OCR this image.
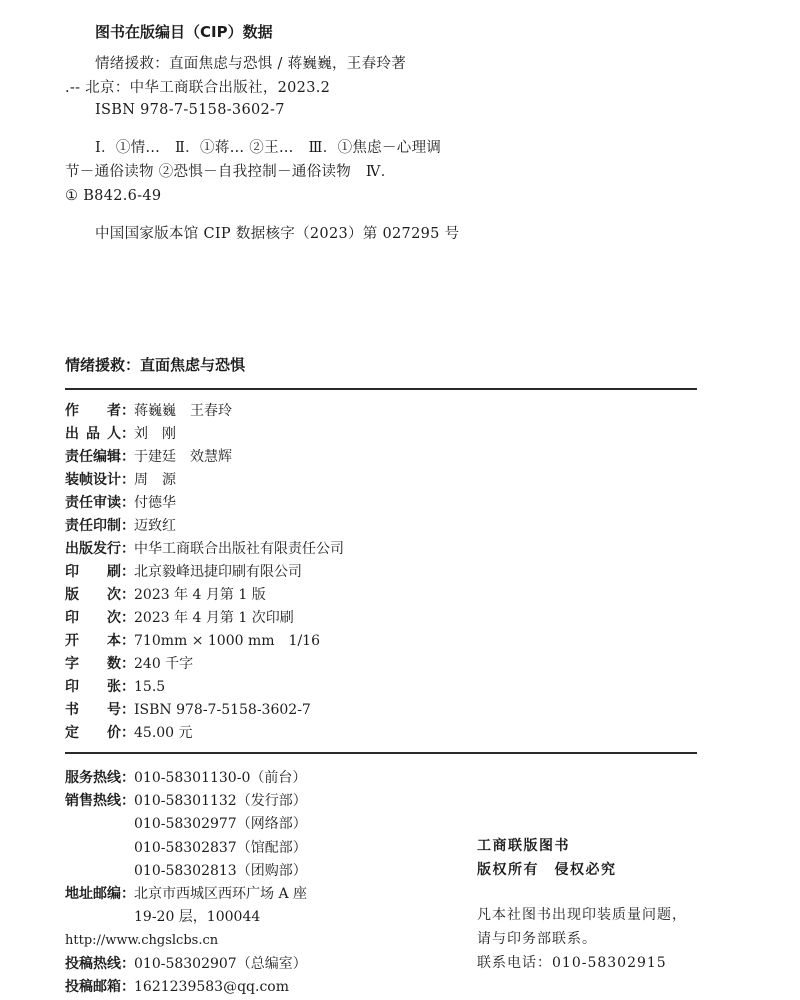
图书在版编目（CIP）数据
情绪援救：直面焦虑与恐惧 / 蒋巍巍，王春玲著
.-- 北京：中华工商联合出版社，2023.2
ISBN 978-7-5158-3602-7
Ⅰ．①情…　Ⅱ．①蒋… ②王…　Ⅲ．①焦虑－心理调
节－通俗读物 ②恐惧－自我控制－通俗读物　Ⅳ．
① B842.6-49
中国国家版本馆 CIP 数据核字（2023）第 027295 号
情绪援救：直面焦虑与恐惧
作 者：蒋巍巍　王春玲
出 品 人：刘　刚
责任编辑：于建廷　效慧辉
装帧设计：周　源
责任审读：付德华
责任印制：迈致红
出版发行：中华工商联合出版社有限责任公司
印 刷：北京毅峰迅捷印刷有限公司
版 次：2023 年 4 月第 1 版
印 次：2023 年 4 月第 1 次印刷
开 本：710mm × 1000 mm　1/16
字 数：240 千字
印 张：15.5
书 号：ISBN 978-7-5158-3602-7
定 价：45.00 元
服务热线：010-58301130-0（前台）
销售热线：010-58301132（发行部）
010-58302977（网络部）
010-58302837（馆配部）
010-58302813（团购部）
地址邮编：北京市西城区西环广场 A 座
19-20 层，100044
http://www.chgslcbs.cn
投稿热线：010-58302907（总编室）
投稿邮箱：1621239583@qq.com
工商联版图书
版权所有　侵权必究
凡本社图书出现印装质量问题，
请与印务部联系。
联系电话：010-58302915
